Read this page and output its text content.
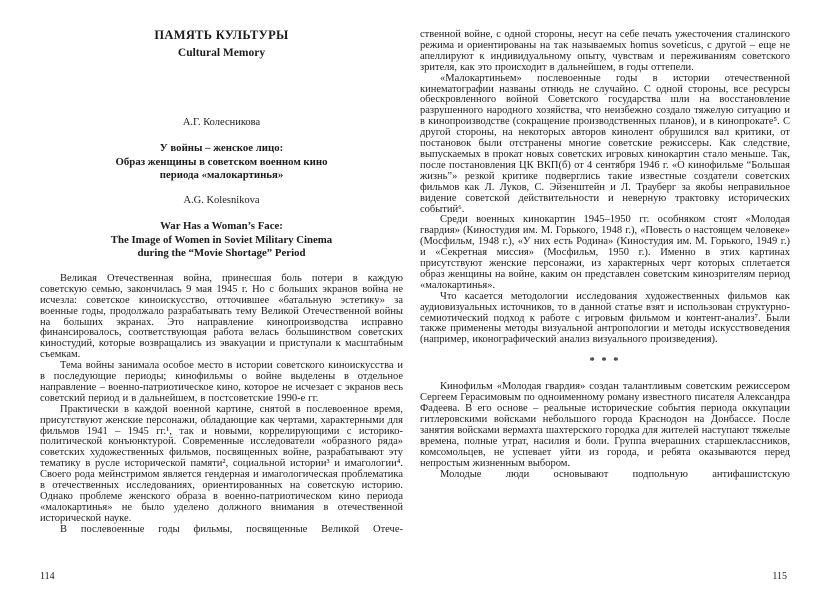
ПАМЯТЬ КУЛЬТУРЫ
Cultural Memory
А.Г. Колесникова
У войны – женское лицо:
Образ женщины в советском военном кино
периода «малокартинья»
A.G. Kolesnikova
War Has a Woman’s Face:
The Image of Women in Soviet Military Cinema
during the “Movie Shortage” Period

Великая Отечественная война, принесшая боль потери в каждую советскую семью, закончилась 9 мая 1945 г. Но с больших экранов война не исчезла: советское киноискусство, отточившее «батальную эстетику» за военные годы, продолжало разрабатывать тему Великой Отечественной войны на больших экранах. Это направление кинопроизводства исправно финансировалось, соответствующая работа велась большинством советских киностудий, которые возвращались из эвакуации и приступали к масштабным съемкам.

Тема войны занимала особое место в истории советского киноискусства и в последующие периоды; кинофильмы о войне выделены в отдельное направление – военно-патриотическое кино, которое не исчезает с экранов весь советский период и в дальнейшем, в постсоветские 1990-е гг.

Практически в каждой военной картине, снятой в послевоенное время, присутствуют женские персонажи, обладающие как чертами, характерными для фильмов 1941 – 1945 гг.¹, так и новыми, коррелирующими с историко-политической конъюнктурой. Современные исследователи «образного ряда» советских художественных фильмов, посвященных войне, разрабатывают эту тематику в русле исторической памяти², социальной истории³ и имагологии⁴. Своего рода мейнстримом является гендерная и имагологическая проблематика в отечественных исследованиях, ориентированных на советскую историю. Однако проблеме женского образа в военно-патриотическом кино периода «малокартинья» не было уделено должного внимания в отечественной исторической науке.

В послевоенные годы фильмы, посвященные Великой Отече-

114

ственной войне, с одной стороны, несут на себе печать ужесточения сталинского режима и ориентированы на так называемых homus soveticus, с другой – еще не апеллируют к индивидуальному опыту, чувствам и переживаниям советского зрителя, как это происходит в дальнейшем, в годы оттепели.

«Малокартиньем» послевоенные годы в истории отечественной кинематографии названы отнюдь не случайно. С одной стороны, все ресурсы обескровленного войной Советского государства шли на восстановление разрушенного народного хозяйства, что неизбежно создало тяжелую ситуацию и в кинопроизводстве (сокращение производственных планов), и в кинопрокате⁵. С другой стороны, на некоторых авторов кинолент обрушился вал критики, от постановок были отстранены многие советские режиссеры. Как следствие, выпускаемых в прокат новых советских игровых кинокартин стало меньше. Так, после постановления ЦК ВКП(б) от 4 сентября 1946 г. «О кинофильме “Большая жизнь”» резкой критике подверглись такие известные создатели советских фильмов как Л. Луков, С. Эйзенштейн и Л. Трауберг за якобы неправильное видение советской действительности и неверную трактовку исторических событий⁶.

Среди военных кинокартин 1945–1950 гг. особняком стоят «Молодая гвардия» (Киностудия им. М. Горького, 1948 г.), «Повесть о настоящем человеке» (Мосфильм, 1948 г.), «У них есть Родина» (Киностудия им. М. Горького, 1949 г.) и «Секретная миссия» (Мосфильм, 1950 г.). Именно в этих картинах присутствуют женские персонажи, из характерных черт которых сплетается образ женщины на войне, каким он представлен советским кинозрителям период «малокартинья».

Что касается методологии исследования художественных фильмов как аудиовизуальных источников, то в данной статье взят и использован структурно-семиотический подход к работе с игровым фильмом и контент-анализ⁷. Были также применены методы визуальной антропологии и методы искусствоведения (например, иконографический анализ визуального произведения).

* * *

Кинофильм «Молодая гвардия» создан талантливым советским режиссером Сергеем Герасимовым по одноименному роману известного писателя Александра Фадеева. В его основе – реальные исторические события периода оккупации гитлеровскими войсками небольшого города Краснодон на Донбассе. После занятия войсками вермахта шахтерского городка для жителей наступают тяжелые времена, полные утрат, насилия и боли. Группа вчерашних старшеклассников, комсомольцев, не успевает уйти из города, и ребята оказываются перед непростым жизненным выбором.

Молодые люди основывают подпольную антифашистскую

115
